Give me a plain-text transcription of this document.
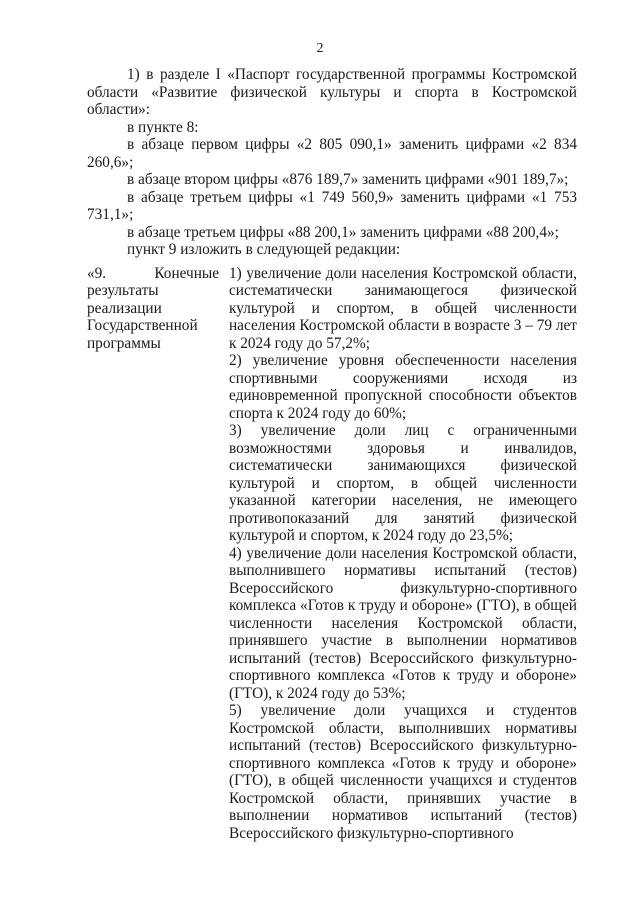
2

1) в разделе I «Паспорт государственной программы Костромской области «Развитие физической культуры и спорта в Костромской области»:

в пункте 8:

в абзаце первом цифры «2 805 090,1» заменить цифрами «2 834 260,6»;

в абзаце втором цифры «876 189,7» заменить цифрами «901 189,7»;

в абзаце третьем цифры «1 749 560,9» заменить цифрами «1 753 731,1»;

в абзаце третьем цифры «88 200,1» заменить цифрами «88 200,4»;

пункт 9 изложить в следующей редакции:

«9.	Конечные
результаты реализации Государственной программы

1) увеличение доли населения Костромской области, систематически занимающегося физической культурой и спортом, в общей численности населения Костромской области в возрасте 3 – 79 лет к 2024 году до 57,2%;

2) увеличение уровня обеспеченности населения спортивными сооружениями исходя из единовременной пропускной способности объектов спорта к 2024 году до 60%;

3) увеличение доли лиц с ограниченными возможностями здоровья и инвалидов, систематически занимающихся физической культурой и спортом, в общей численности указанной категории населения, не имеющего противопоказаний для занятий физической культурой и спортом, к 2024 году до 23,5%;

4) увеличение доли населения Костромской области, выполнившего нормативы испытаний (тестов) Всероссийского физкультурно-спортивного комплекса «Готов к труду и обороне» (ГТО), в общей численности населения Костромской области, принявшего участие в выполнении нормативов испытаний (тестов) Всероссийского физкультурно-спортивного комплекса «Готов к труду и обороне» (ГТО), к 2024 году до 53%;

5) увеличение доли учащихся и студентов Костромской области, выполнивших нормативы испытаний (тестов) Всероссийского физкультурно-спортивного комплекса «Готов к труду и обороне» (ГТО), в общей численности учащихся и студентов Костромской области, принявших участие в выполнении нормативов испытаний (тестов) Всероссийского физкультурно-спортивного
